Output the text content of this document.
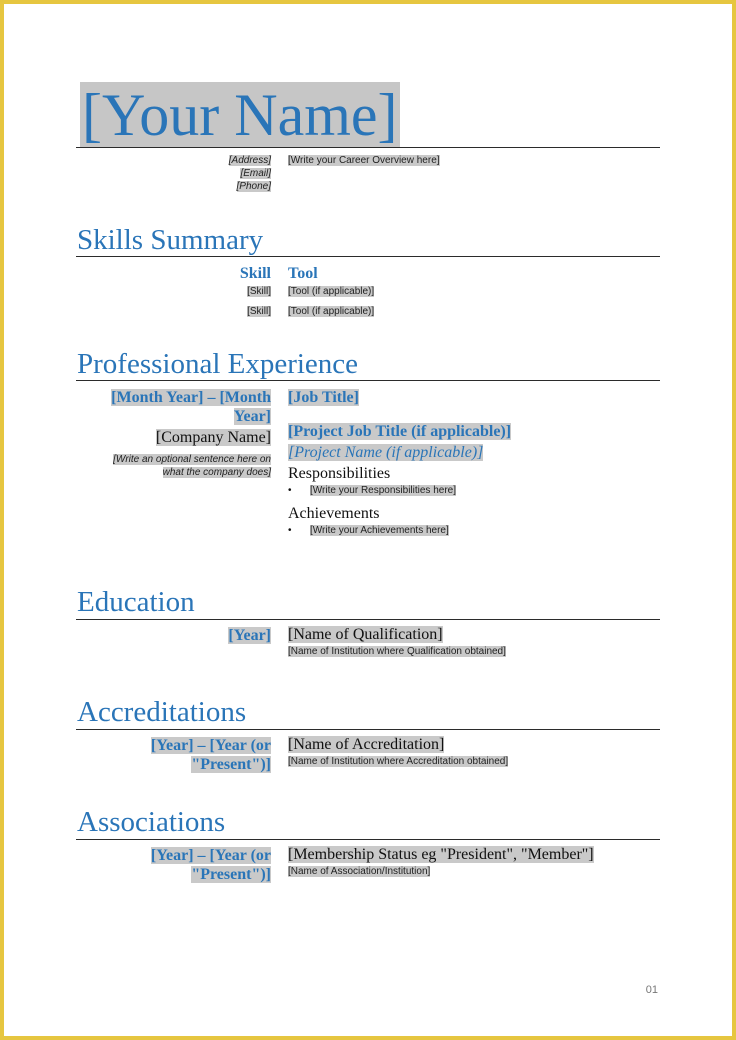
[Your Name]
[Address]
[Email]
[Phone]
[Write your Career Overview here]
Skills Summary
Skill Tool
[Skill] [Tool (if applicable)]
[Skill] [Tool (if applicable)]
Professional Experience
[Month Year] – [Month
Year]
[Company Name]
[Write an optional sentence here on
what the company does]
[Job Title]
[Project Job Title (if applicable)]
[Project Name (if applicable)]
Responsibilities
• [Write your Responsibilities here]
Achievements
• [Write your Achievements here]
Education
[Year] [Name of Qualification]
[Name of Institution where Qualification obtained]
Accreditations
[Year] – [Year (or
"Present")]
[Name of Accreditation]
[Name of Institution where Accreditation obtained]
Associations
[Year] – [Year (or
"Present")]
[Membership Status eg "President", "Member"]
[Name of Association/Institution]
01
